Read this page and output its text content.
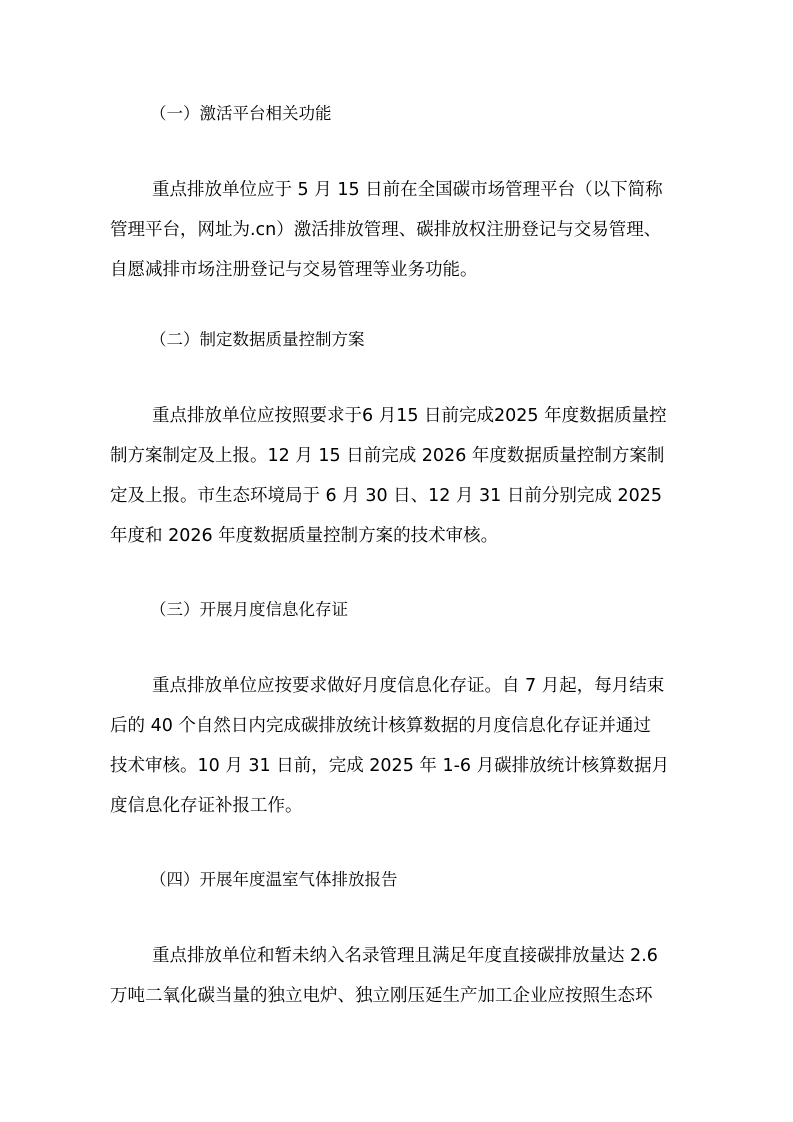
（一）激活平台相关功能
重点排放单位应于 5 月 15 日前在全国碳市场管理平台（以下简称
管理平台，网址为.cn）激活排放管理、碳排放权注册登记与交易管理、
自愿减排市场注册登记与交易管理等业务功能。
（二）制定数据质量控制方案
重点排放单位应按照要求于6 月15 日前完成2025 年度数据质量控
制方案制定及上报。12 月 15 日前完成 2026 年度数据质量控制方案制
定及上报。市生态环境局于 6 月 30 日、12 月 31 日前分别完成 2025
年度和 2026 年度数据质量控制方案的技术审核。
（三）开展月度信息化存证
重点排放单位应按要求做好月度信息化存证。自 7 月起，每月结束
后的 40 个自然日内完成碳排放统计核算数据的月度信息化存证并通过
技术审核。10 月 31 日前，完成 2025 年 1-6 月碳排放统计核算数据月
度信息化存证补报工作。
（四）开展年度温室气体排放报告
重点排放单位和暂未纳入名录管理且满足年度直接碳排放量达 2.6
万吨二氧化碳当量的独立电炉、独立刚压延生产加工企业应按照生态环
